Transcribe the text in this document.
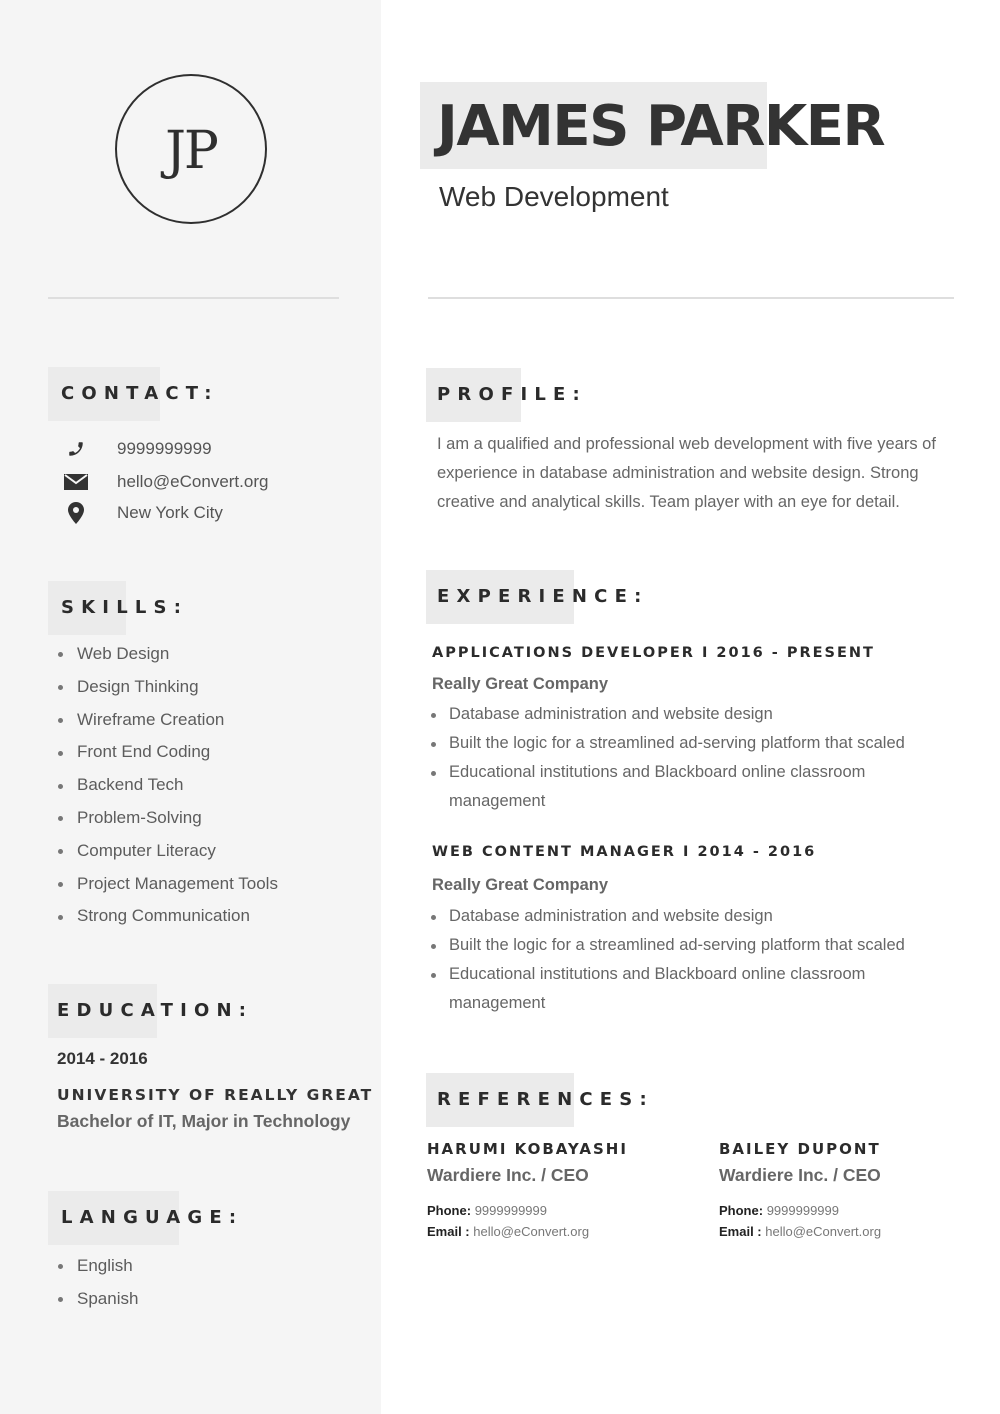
JP	JAMES PARKER
Web Development
CONTACT:
9999999999
hello@eConvert.org
New York City
SKILLS:
Web Design
Design Thinking
Wireframe Creation
Front End Coding
Backend Tech
Problem-Solving
Computer Literacy
Project Management Tools
Strong Communication
EDUCATION:
2014 - 2016
UNIVERSITY OF REALLY GREAT
Bachelor of IT, Major in Technology
LANGUAGE:
English
Spanish
PROFILE:
I am a qualified and professional web development with five years of experience in database administration and website design. Strong creative and analytical skills. Team player with an eye for detail.
EXPERIENCE:
APPLICATIONS DEVELOPER I 2016 - PRESENT
Really Great Company
Database administration and website design
Built the logic for a streamlined ad-serving platform that scaled
Educational institutions and Blackboard online classroom management
WEB CONTENT MANAGER I 2014 - 2016
Really Great Company
Database administration and website design
Built the logic for a streamlined ad-serving platform that scaled
Educational institutions and Blackboard online classroom management
REFERENCES:
HARUMI KOBAYASHI
Wardiere Inc. / CEO
Phone: 9999999999
Email : hello@eConvert.org
BAILEY DUPONT
Wardiere Inc. / CEO
Phone: 9999999999
Email : hello@eConvert.org
